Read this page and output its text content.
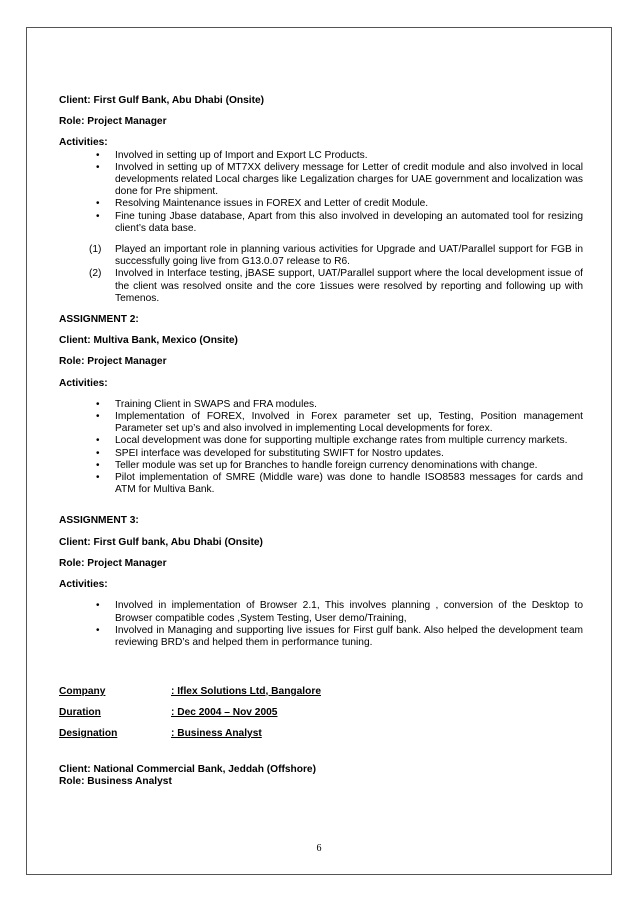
Client: First Gulf Bank, Abu Dhabi (Onsite)

Role: Project Manager

Activities:

• Involved in setting up of Import and Export LC Products.
• Involved in setting up of MT7XX delivery message for Letter of credit module and also involved in local developments related Local charges like Legalization charges for UAE government and localization was done for Pre shipment.
• Resolving Maintenance issues in FOREX and Letter of credit Module.
• Fine tuning Jbase database, Apart from this also involved in developing an automated tool for resizing client’s data base.
(1) Played an important role in planning various activities for Upgrade and UAT/Parallel support for FGB in successfully going live from G13.0.07 release to R6.
(2) Involved in Interface testing, jBASE support, UAT/Parallel support where the local development issue of the client was resolved onsite and the core 1issues were resolved by reporting and following up with Temenos.

ASSIGNMENT 2:

Client: Multiva Bank, Mexico (Onsite)

Role: Project Manager

Activities:

• Training Client in SWAPS and FRA modules.
• Implementation of FOREX, Involved in Forex parameter set up, Testing, Position management Parameter set up’s and also involved in implementing Local developments for forex.
• Local development was done for supporting multiple exchange rates from multiple currency markets.
• SPEI interface was developed for substituting SWIFT for Nostro updates.
• Teller module was set up for Branches to handle foreign currency denominations with change.
• Pilot implementation of SMRE (Middle ware) was done to handle ISO8583 messages for cards and ATM for Multiva Bank.

ASSIGNMENT 3:

Client: First Gulf bank, Abu Dhabi (Onsite)

Role: Project Manager

Activities:

• Involved in implementation of Browser 2.1, This involves planning , conversion of the Desktop to Browser compatible codes ,System Testing, User demo/Training,
• Involved in Managing and supporting live issues for First gulf bank. Also helped the development team reviewing BRD’s and helped them in performance tuning.
Company	: Iflex Solutions Ltd, Bangalore
Duration	: Dec 2004 – Nov 2005
Designation	: Business Analyst

Client: National Commercial Bank, Jeddah (Offshore)

Role: Business Analyst

6
